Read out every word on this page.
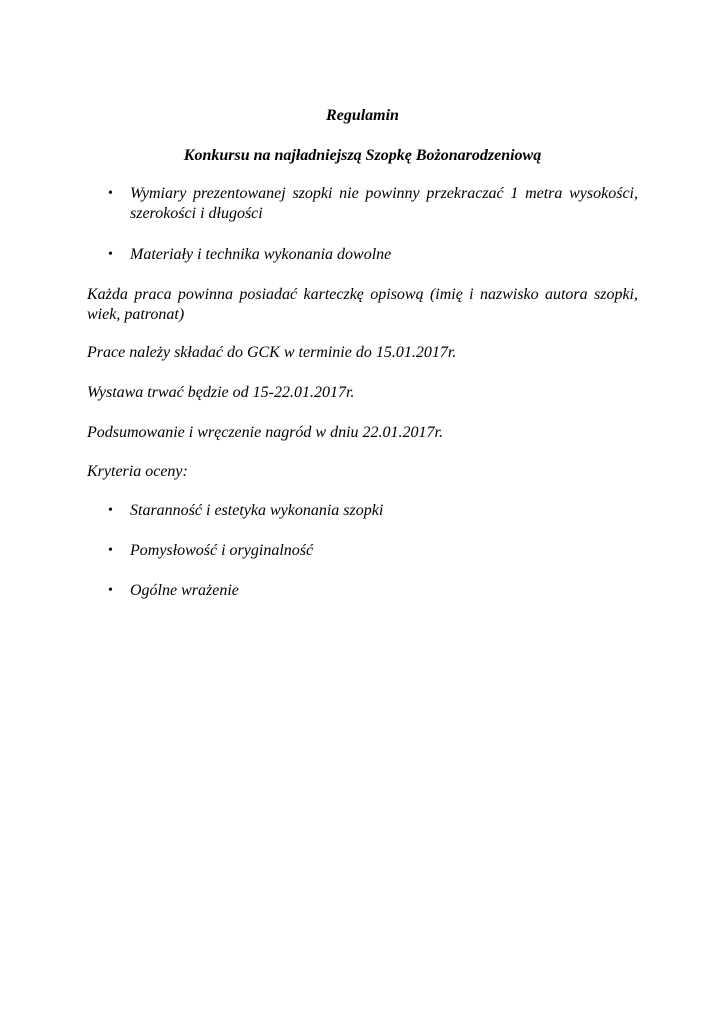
Regulamin
Konkursu na najładniejszą Szopkę Bożonarodzeniową
•	Wymiary prezentowanej szopki nie powinny przekraczać 1 metra wysokości, szerokości i długości
•	Materiały i technika wykonania dowolne
Każda praca powinna posiadać karteczkę opisową (imię i nazwisko autora szopki, wiek, patronat)
Prace należy składać do GCK w terminie do 15.01.2017r.
Wystawa trwać będzie od 15-22.01.2017r.
Podsumowanie i wręczenie nagród w dniu 22.01.2017r.
Kryteria oceny:
•	Staranność i estetyka wykonania szopki
•	Pomysłowość i oryginalność
•	Ogólne wrażenie
